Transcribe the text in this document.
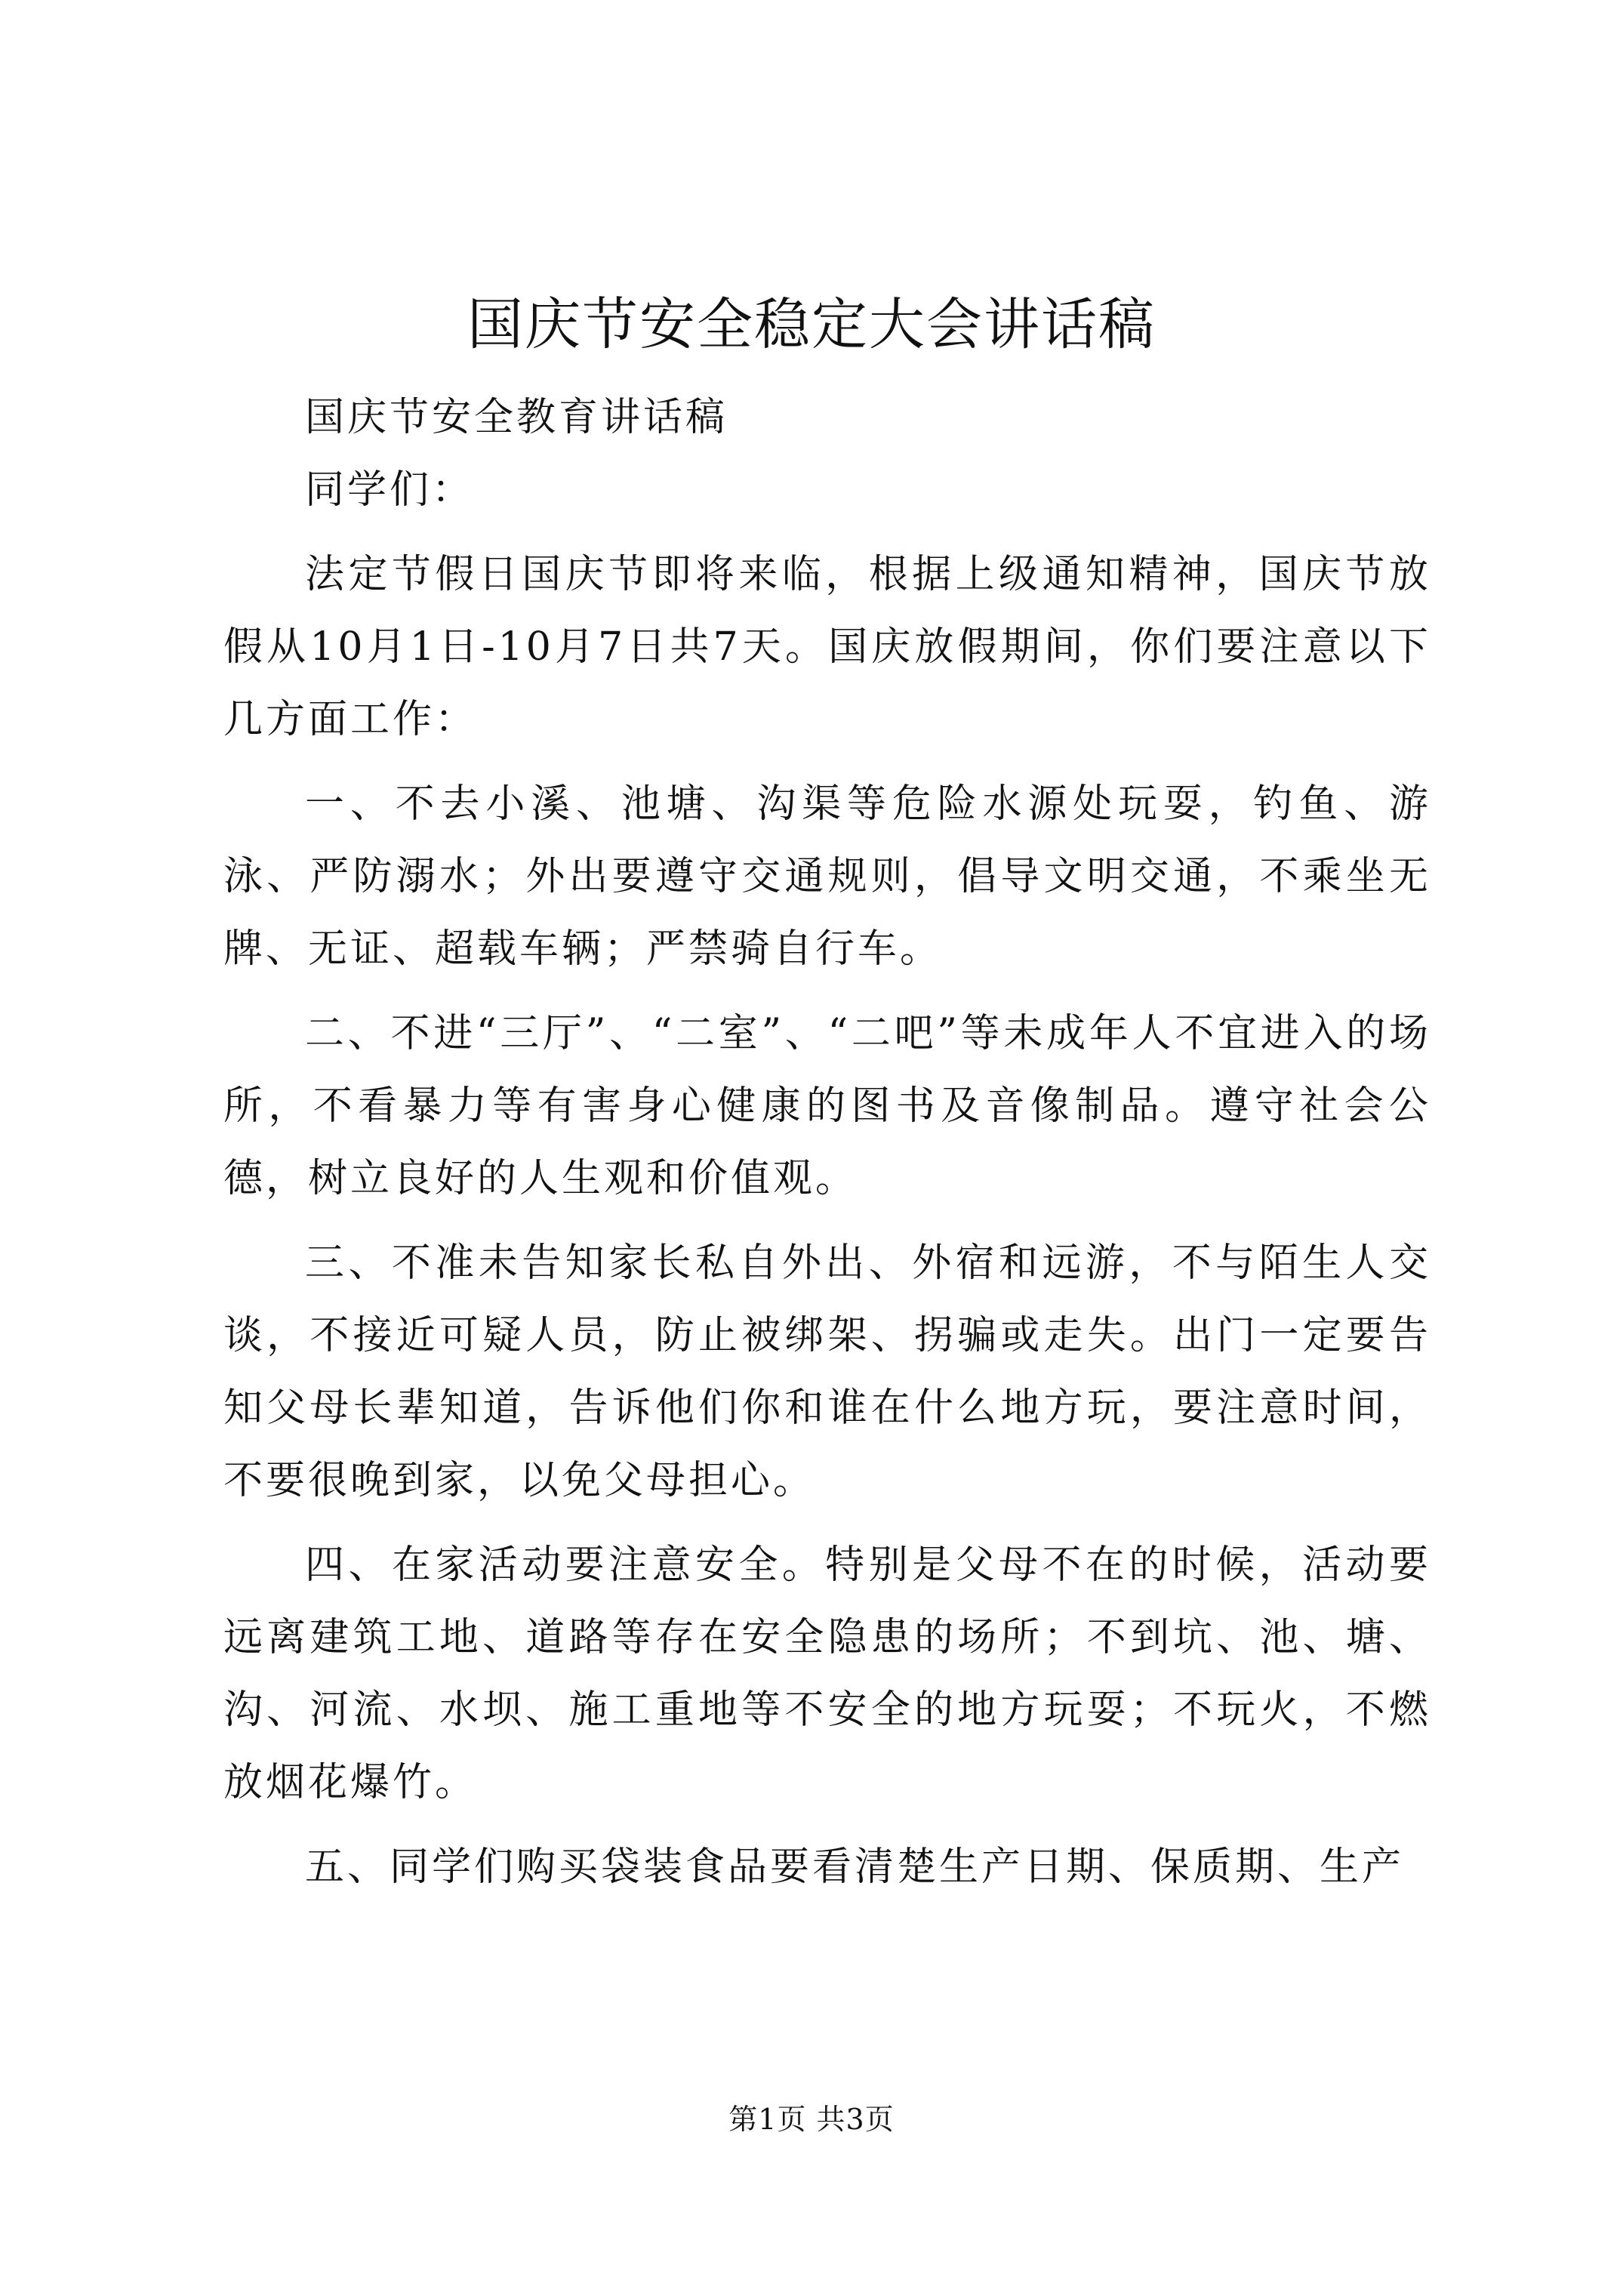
国庆节安全稳定大会讲话稿

国庆节安全教育讲话稿

同学们：

法定节假日国庆节即将来临，根据上级通知精神，国庆节放假从10月1日-10月7日共7天。国庆放假期间，你们要注意以下几方面工作：

一、不去小溪、池塘、沟渠等危险水源处玩耍，钓鱼、游泳、严防溺水；外出要遵守交通规则，倡导文明交通，不乘坐无牌、无证、超载车辆；严禁骑自行车。

二、不进“三厅”、“二室”、“二吧”等未成年人不宜进入的场所，不看暴力等有害身心健康的图书及音像制品。遵守社会公德，树立良好的人生观和价值观。

三、不准未告知家长私自外出、外宿和远游，不与陌生人交谈，不接近可疑人员，防止被绑架、拐骗或走失。出门一定要告知父母长辈知道，告诉他们你和谁在什么地方玩，要注意时间，不要很晚到家，以免父母担心。

四、在家活动要注意安全。特别是父母不在的时候，活动要远离建筑工地、道路等存在安全隐患的场所；不到坑、池、塘、沟、河流、水坝、施工重地等不安全的地方玩耍；不玩火，不燃放烟花爆竹。

五、同学们购买袋装食品要看清楚生产日期、保质期、生产

第1页 共3页
